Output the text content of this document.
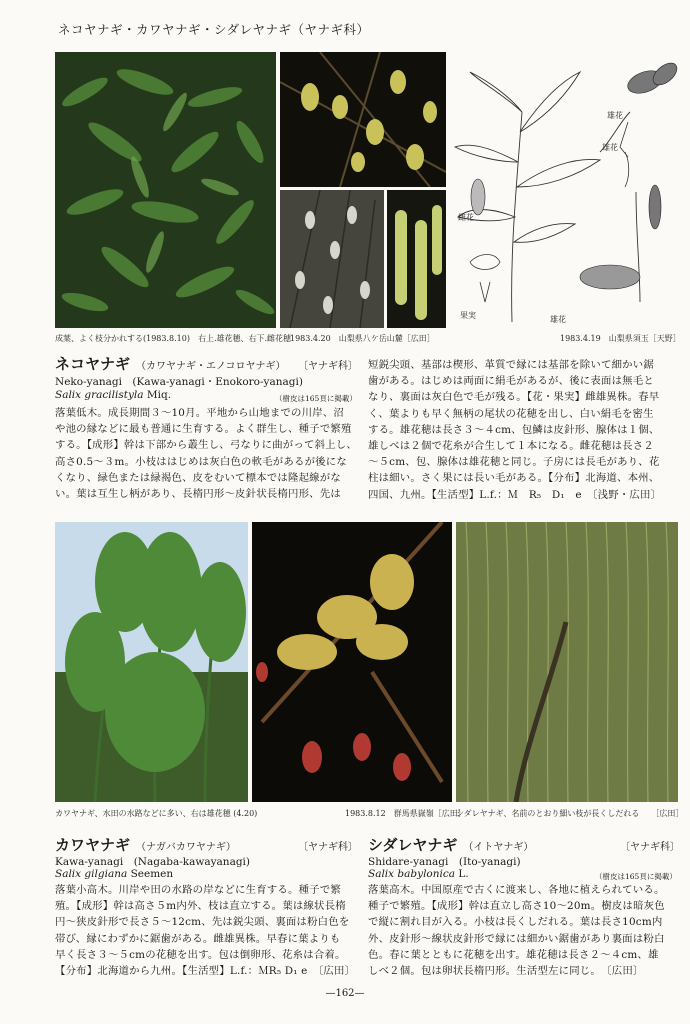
ネコヤナギ・カワヤナギ・シダレヤナギ（ヤナギ科）
雄花
雄花
雌花
果実	雄花
成葉、よく枝分かれする(1983.8.10)　右上.雄花穂、右下.雌花穂
1983.4.20　山梨県八ケ岳山麓［広田］	1983.4.19　山梨県須玉［天野］
ネコヤナギ （カワヤナギ・エノコロヤナギ） 〔ヤナギ科〕
Neko-yanagi　(Kawa-yanagi・Enokoro-yanagi)
Salix gracilistyla Miq.	（樹皮は165頁に掲載）
落葉低木。成長期間３～10月。平地から山地までの川岸、沼
や池の縁などに最も普通に生育する。よく群生し、種子で繁殖
する。【成形】幹は下部から叢生し、弓なりに曲がって斜上し、
高さ0.5～３m。小枝ははじめは灰白色の軟毛があるが後にな
くなり、緑色または緑褐色、皮をむいて標本では隆起線がな
い。葉は互生し柄があり、長楕円形～皮針状長楕円形、先は
短鋭尖頭、基部は楔形、革質で縁には基部を除いて細かい鋸
歯がある。はじめは両面に絹毛があるが、後に表面は無毛と
なり、裏面は灰白色で毛が残る。【花・果実】雌雄異株。春早
く、葉よりも早く無柄の尾状の花穂を出し、白い絹毛を密生
する。雄花穂は長さ３～４cm、包鱗は皮針形、腺体は１個、
雄しべは２個で花糸が合生して１本になる。雌花穂は長さ２
～５cm、包、腺体は雄花穂と同じ。子房には長毛があり、花
柱は細い。さく果には長い毛がある。【分布】北海道、本州、
四国、九州。【生活型】L.f.：Ｍ　R₅　D₁　e　〔浅野・広田〕
カワヤナギ、水田の水路などに多い、右は雄花穂 (4.20)	1983.8.12　群馬県嶽嶺［広田］
シダレヤナギ、名前のとおり細い枝が長くしだれる　　［広田］
カワヤナギ （ナガバカワヤナギ）	〔ヤナギ科〕
Kawa-yanagi　(Nagaba-kawayanagi)
Salix gilgiana Seemen
落葉小高木。川岸や田の水路の岸などに生育する。種子で繁
殖。【成形】幹は高さ５m内外、枝は直立する。葉は線状長楕
円～狭皮針形で長さ５～12cm、先は鋭尖頭、裏面は粉白色を
帯び、縁にわずかに鋸歯がある。雌雄異株。早春に葉よりも
早く長さ３～５cmの花穂を出す。包は倒卵形、花糸は合着。
【分布】北海道から九州。【生活型】L.f.：ＭR₅ D₁ e　〔広田〕
シダレヤナギ （イトヤナギ）	〔ヤナギ科〕
Shidare-yanagi　(Ito-yanagi)
Salix babylonica L.	（樹皮は165頁に掲載）
落葉高木。中国原産で古くに渡来し、各地に植えられている。
種子で繁殖。【成形】幹は直立し高さ10～20m。樹皮は暗灰色
で縦に割れ目が入る。小枝は長くしだれる。葉は長さ10cm内
外、皮針形～線状皮針形で縁には細かい鋸歯があり裏面は粉白
色。春に葉とともに花穂を出す。雄花穂は長さ２～４cm、雄
しべ２個。包は卵状長楕円形。生活型左に同じ。　〔広田〕
—162—
